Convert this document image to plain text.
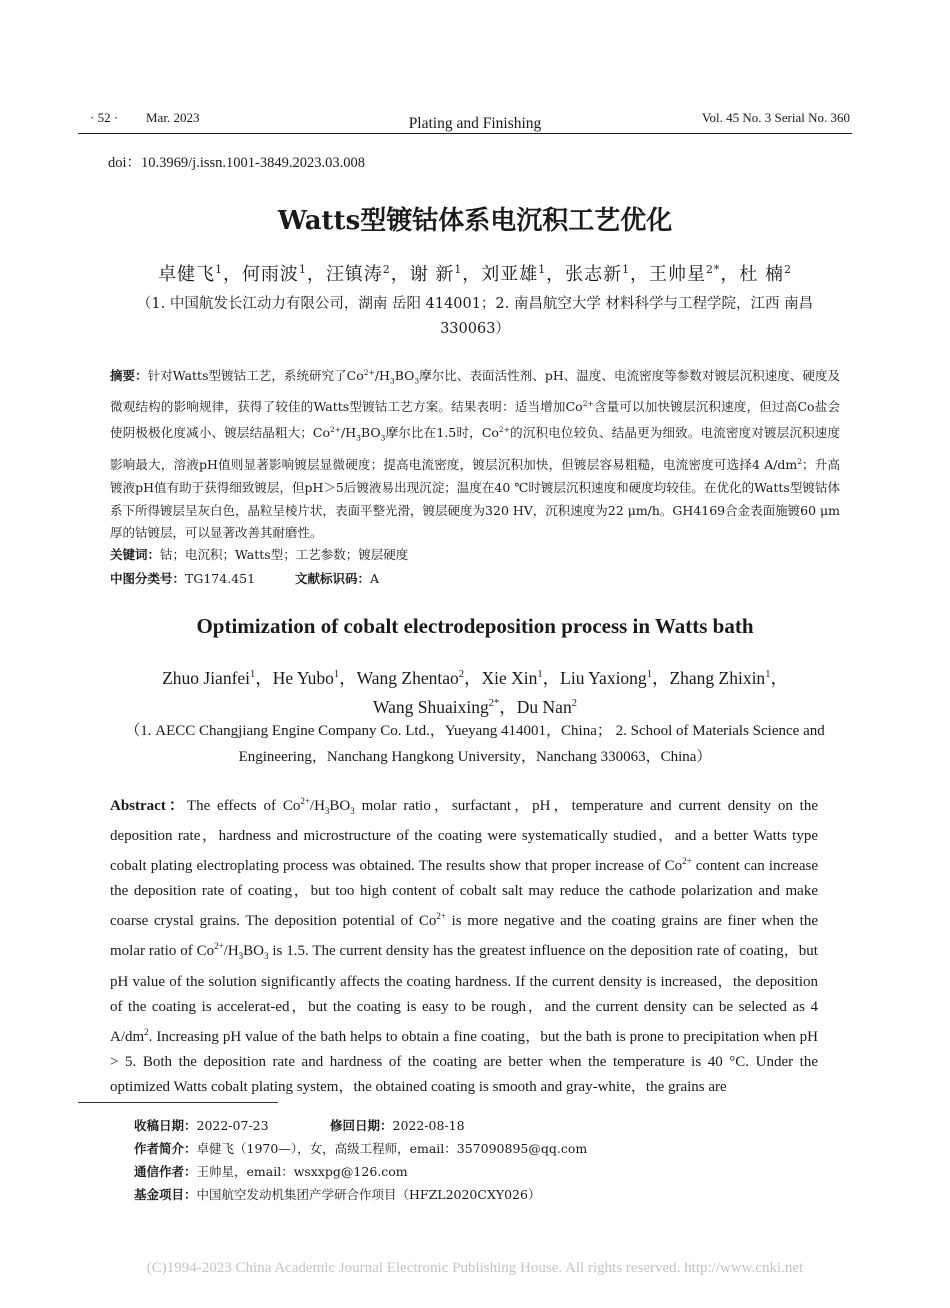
· 52 · Mar. 2023	Plating and Finishing	Vol. 45 No. 3 Serial No. 360
doi：10.3969/j.issn.1001-3849.2023.03.008
Watts型镀钴体系电沉积工艺优化
卓健飞$^1$，何雨波$^1$，汪镇涛$^2$，谢 新$^1$，刘亚雄$^1$，张志新$^1$，王帅星$^{2*}$，杜 楠$^2$
（1. 中国航发长江动力有限公司，湖南 岳阳 414001；2. 南昌航空大学 材料科学与工程学院，江西 南昌 330063）
摘要：针对Watts型镀钴工艺，系统研究了$Co^{2+}/H_3BO_3$摩尔比、表面活性剂、pH、温度、电流密度等参数对镀层沉积速度、硬度及微观结构的影响规律，获得了较佳的Watts型镀钴工艺方案。结果表明：适当增加$Co^{2+}$含量可以加快镀层沉积速度，但过高Co盐会使阴极极化度减小、镀层结晶粗大；$Co^{2+}/H_3BO_3$摩尔比在1.5时，$Co^{2+}$的沉积电位较负、结晶更为细致。电流密度对镀层沉积速度影响最大，溶液pH值则显著影响镀层显微硬度；提高电流密度，镀层沉积加快，但镀层容易粗糙，电流密度可选择4 $A/dm^2$；升高镀液pH值有助于获得细致镀层，但pH＞5后镀液易出现沉淀；温度在40 ℃时镀层沉积速度和硬度均较佳。在优化的Watts型镀钴体系下所得镀层呈灰白色，晶粒呈棱片状，表面平整光滑，镀层硬度为320 HV，沉积速度为22 μm/h。GH4169合金表面施镀60 μm厚的钴镀层，可以显著改善其耐磨性。
关键词：钴；电沉积；Watts型；工艺参数；镀层硬度
中图分类号：TG174.451	文献标识码：A
Optimization of cobalt electrodeposition process in Watts bath
Zhuo Jianfei$^1$，He Yubo$^1$，Wang Zhentao$^2$，Xie Xin$^1$，Liu Yaxiong$^1$，Zhang Zhixin$^1$，
Wang Shuaixing$^{2*}$，Du Nan$^2$
（1. AECC Changjiang Engine Company Co. Ltd.，Yueyang 414001，China； 2. School of Materials Science and Engineering，Nanchang Hangkong University，Nanchang 330063，China）
Abstract：The effects of $Co^{2+}/H_3BO_3$ molar ratio，surfactant，pH，temperature and current density on the deposition rate，hardness and microstructure of the coating were systematically studied，and a better Watts type cobalt plating electroplating process was obtained. The results show that proper increase of $Co^{2+}$ content can increase the deposition rate of coating，but too high content of cobalt salt may reduce the cathode polarization and make coarse crystal grains. The deposition potential of $Co^{2+}$ is more negative and the coating grains are finer when the molar ratio of $Co^{2+}/H_3BO_3$ is 1.5. The current density has the greatest influence on the deposition rate of coating，but pH value of the solution significantly affects the coating hardness. If the current density is increased，the deposition of the coating is accelerat-ed，but the coating is easy to be rough，and the current density can be selected as 4 $A/dm^2$. Increasing pH value of the bath helps to obtain a fine coating，but the bath is prone to precipitation when pH > 5. Both the deposition rate and hardness of the coating are better when the temperature is 40 °C. Under the optimized Watts cobalt plating system，the obtained coating is smooth and gray-white，the grains are
收稿日期：2022-07-23	修回日期：2022-08-18
作者简介：卓健飞（1970—），女，高级工程师，email：357090895@qq.com
通信作者：王帅星，email：wsxxpg@126.com
基金项目：中国航空发动机集团产学研合作项目（HFZL2020CXY026）
(C)1994-2023 China Academic Journal Electronic Publishing House. All rights reserved. http://www.cnki.net
